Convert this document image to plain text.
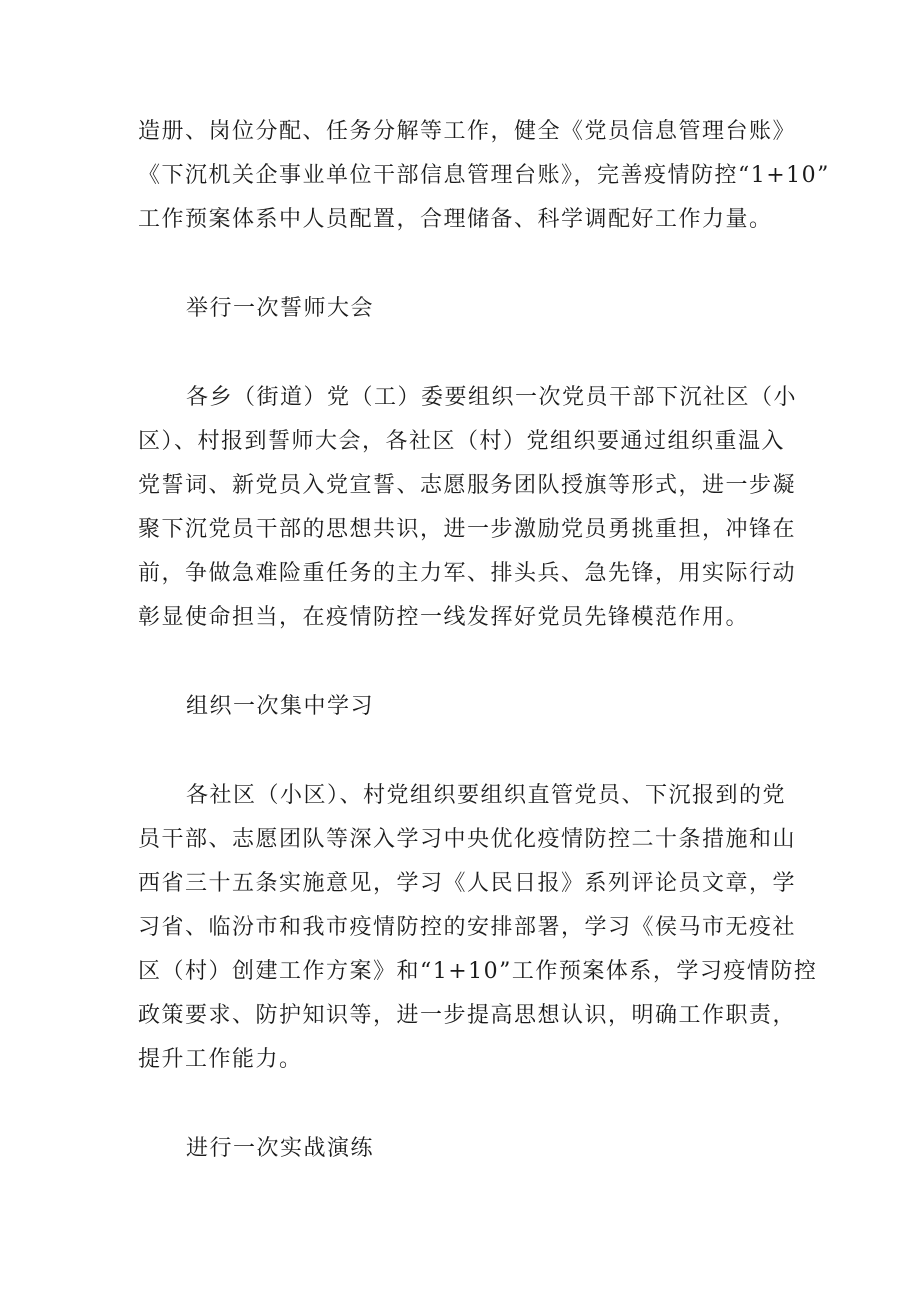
造册、岗位分配、任务分解等工作，健全《党员信息管理台账》
《下沉机关企事业单位干部信息管理台账》，完善疫情防控“1+10”
工作预案体系中人员配置，合理储备、科学调配好工作力量。
举行一次誓师大会
各乡（街道）党（工）委要组织一次党员干部下沉社区（小
区）、村报到誓师大会，各社区（村）党组织要通过组织重温入
党誓词、新党员入党宣誓、志愿服务团队授旗等形式，进一步凝
聚下沉党员干部的思想共识，进一步激励党员勇挑重担，冲锋在
前，争做急难险重任务的主力军、排头兵、急先锋，用实际行动
彰显使命担当，在疫情防控一线发挥好党员先锋模范作用。
组织一次集中学习
各社区（小区）、村党组织要组织直管党员、下沉报到的党
员干部、志愿团队等深入学习中央优化疫情防控二十条措施和山
西省三十五条实施意见，学习《人民日报》系列评论员文章，学
习省、临汾市和我市疫情防控的安排部署，学习《侯马市无疫社
区（村）创建工作方案》和“1+10”工作预案体系，学习疫情防控
政策要求、防护知识等，进一步提高思想认识，明确工作职责，
提升工作能力。
进行一次实战演练
